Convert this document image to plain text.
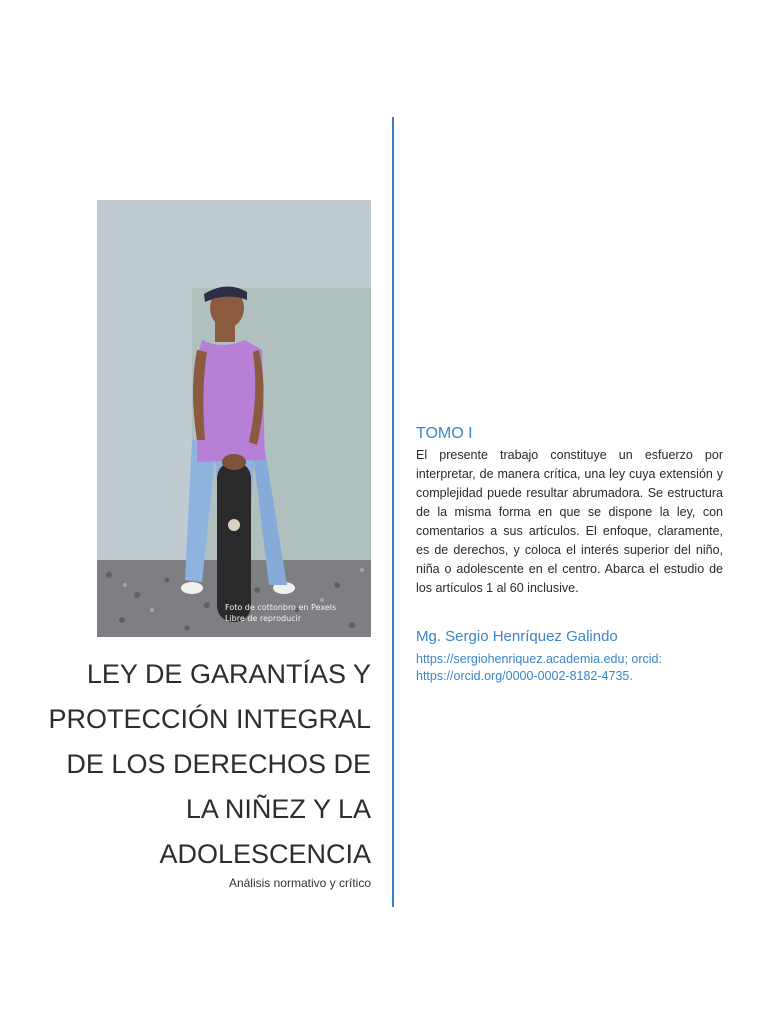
Foto de cottonbro en Pexels
Libre de reproducir
LEY DE GARANTÍAS Y
PROTECCIÓN INTEGRAL
DE LOS DERECHOS DE
LA NIÑEZ Y LA
ADOLESCENCIA
Análisis normativo y crítico
TOMO I
El presente trabajo constituye un esfuerzo por interpretar, de manera crítica, una ley cuya extensión y complejidad puede resultar abrumadora. Se estructura de la misma forma en que se dispone la ley, con comentarios a sus artículos. El enfoque, claramente, es de derechos, y coloca el interés superior del niño, niña o adolescente en el centro. Abarca el estudio de los artículos 1 al 60 inclusive.
Mg. Sergio Henríquez Galindo
https://sergiohenriquez.academia.edu; orcid:
https://orcid.org/0000-0002-8182-4735.
